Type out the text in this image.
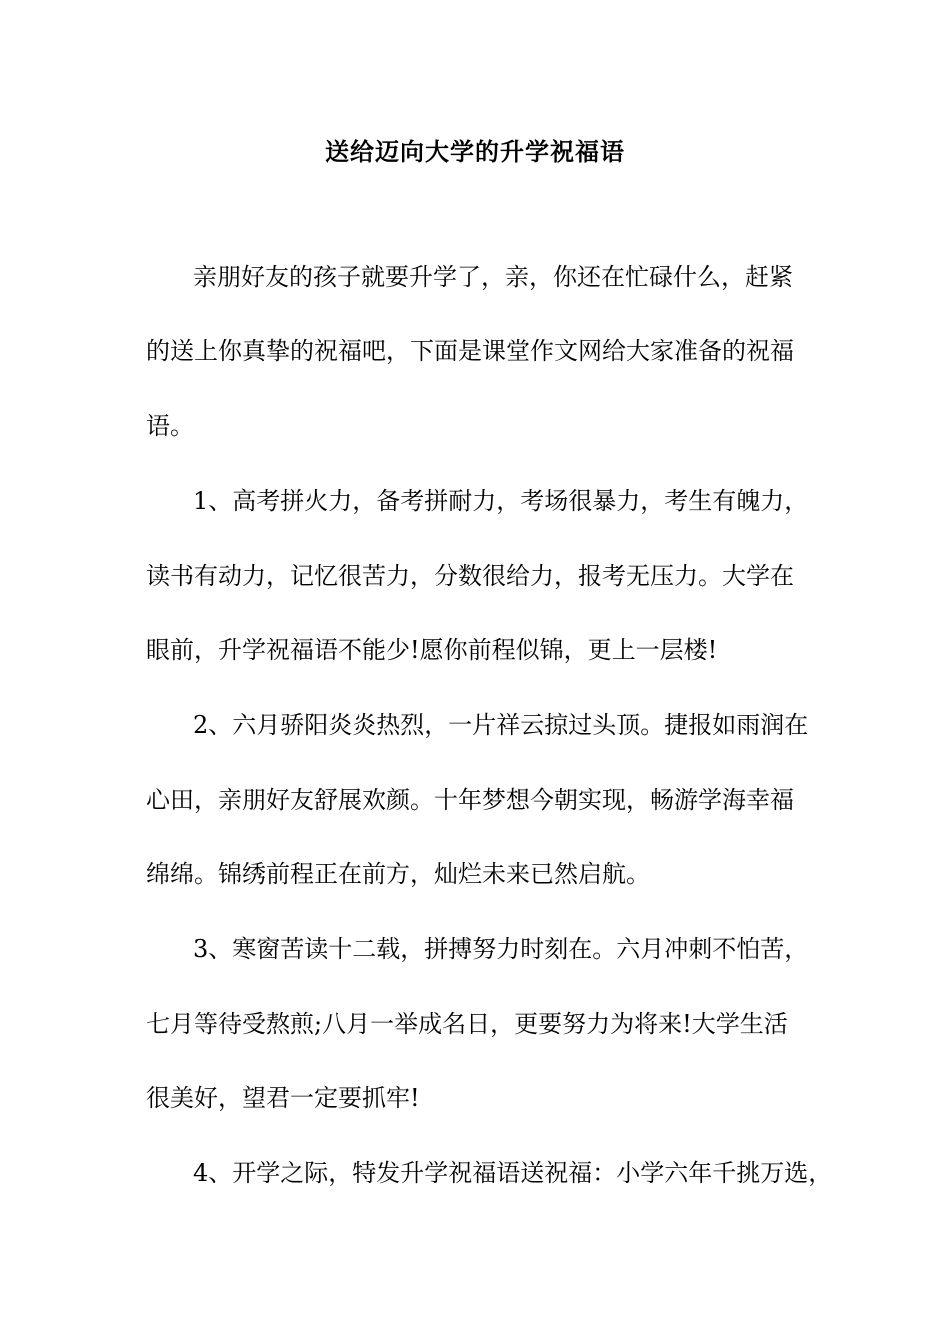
送给迈向大学的升学祝福语
亲朋好友的孩子就要升学了，亲，你还在忙碌什么，赶紧
的送上你真挚的祝福吧，下面是课堂作文网给大家准备的祝福
语。
1、高考拼火力，备考拼耐力，考场很暴力，考生有魄力，
读书有动力，记忆很苦力，分数很给力，报考无压力。大学在
眼前，升学祝福语不能少!愿你前程似锦，更上一层楼!
2、六月骄阳炎炎热烈，一片祥云掠过头顶。捷报如雨润在
心田，亲朋好友舒展欢颜。十年梦想今朝实现，畅游学海幸福
绵绵。锦绣前程正在前方，灿烂未来已然启航。
3、寒窗苦读十二载，拼搏努力时刻在。六月冲刺不怕苦，
七月等待受熬煎;八月一举成名日，更要努力为将来!大学生活
很美好，望君一定要抓牢!
4、开学之际，特发升学祝福语送祝福：小学六年千挑万选，
